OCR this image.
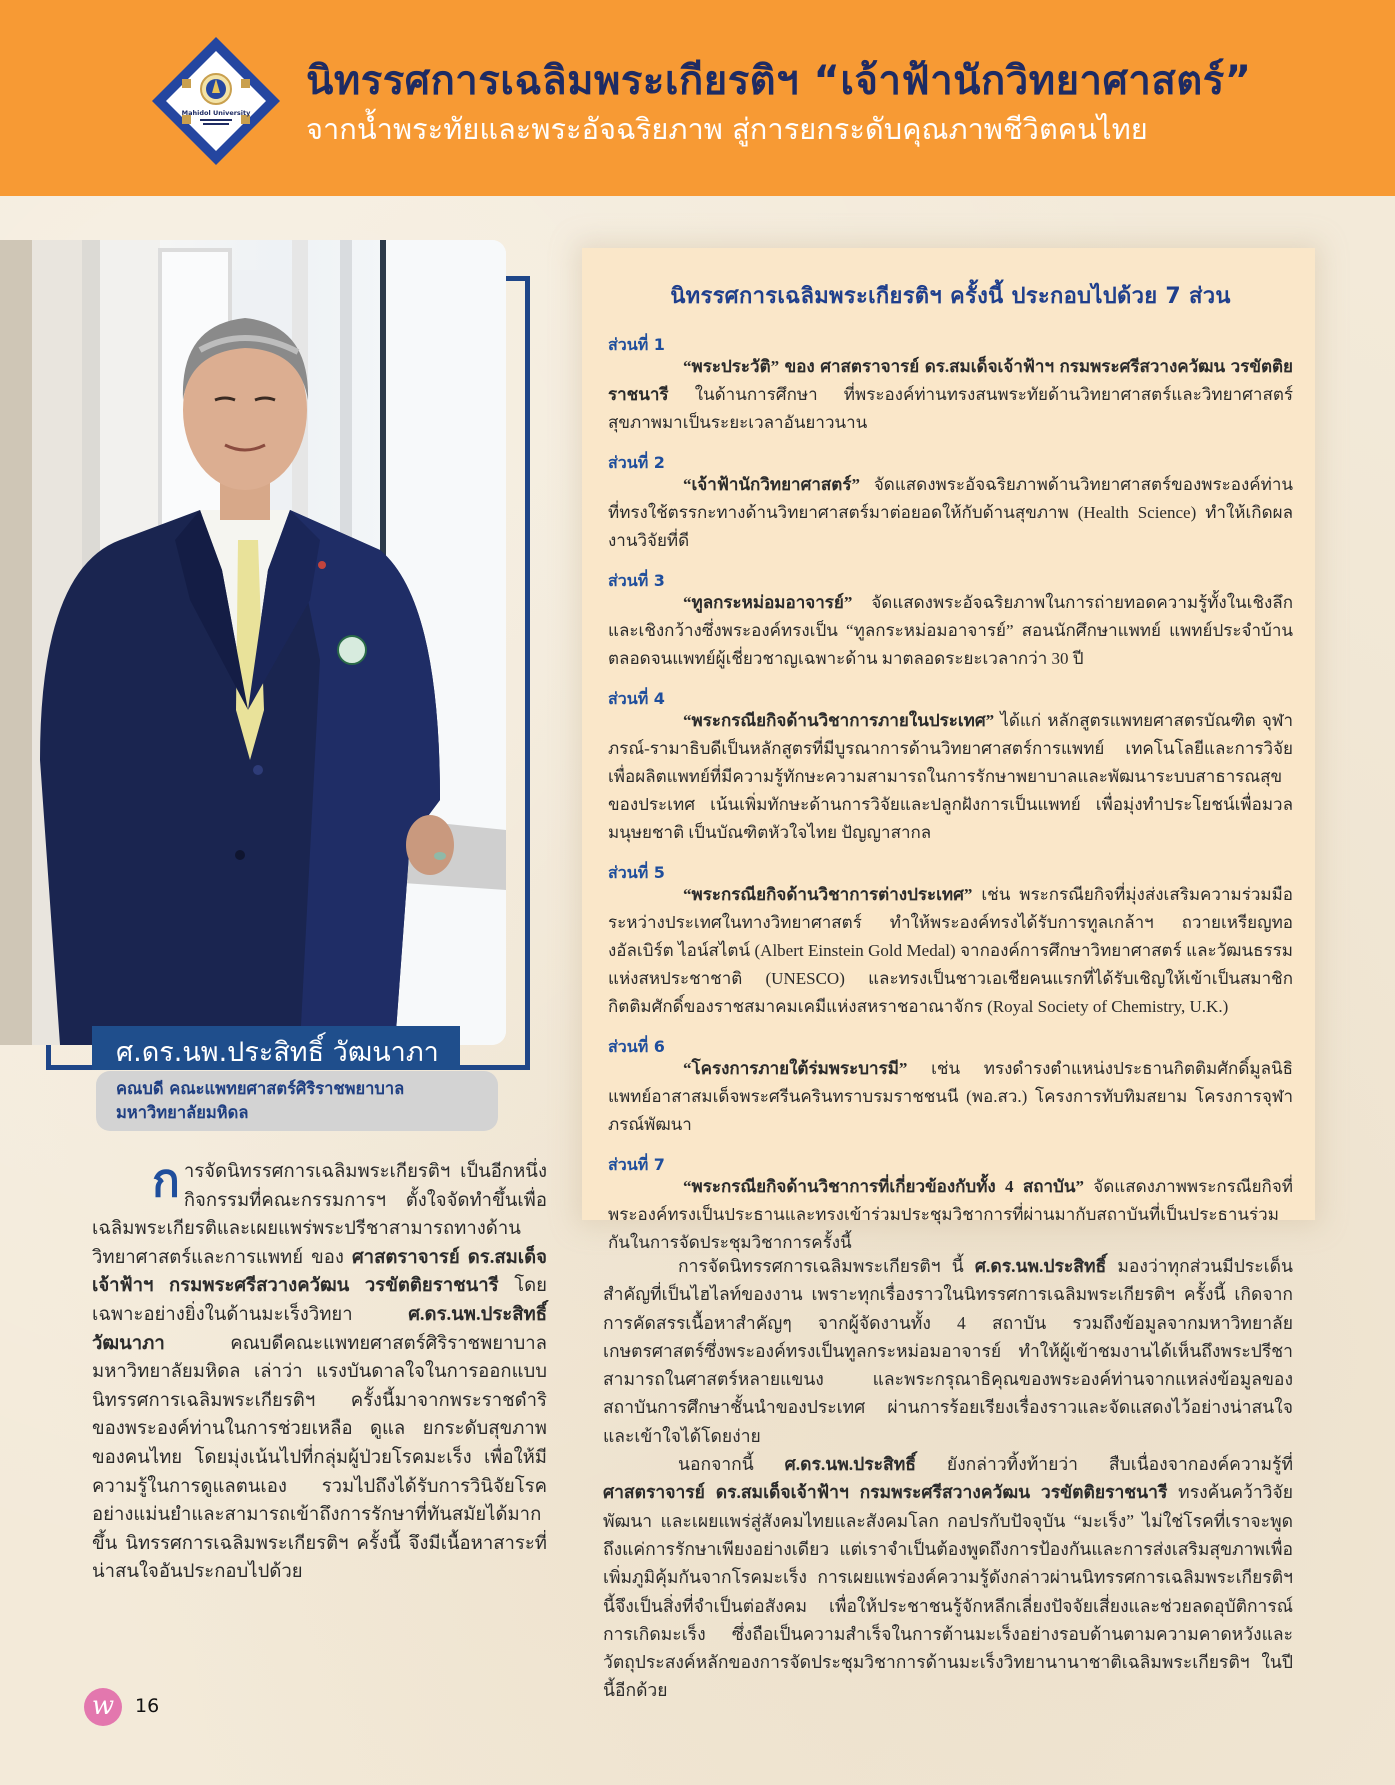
Mahidol University
นิทรรศการเฉลิมพระเกียรติฯ “เจ้าฟ้านักวิทยาศาสตร์”
จากน้ำพระทัยและพระอัจฉริยภาพ สู่การยกระดับคุณภาพชีวิตคนไทย
ศ.ดร.นพ.ประสิทธิ์ วัฒนาภา
คณบดี คณะแพทยศาสตร์ศิริราชพยาบาล
มหาวิทยาลัยมหิดล
นิทรรศการเฉลิมพระเกียรติฯ ครั้งนี้ ประกอบไปด้วย 7 ส่วน
ส่วนที่ 1
“พระประวัติ” ของ ศาสตราจารย์ ดร.สมเด็จเจ้าฟ้าฯ กรมพระศรีสวางควัฒน วรขัตติยราชนารี ในด้านการศึกษา ที่พระองค์ท่านทรงสนพระทัยด้านวิทยาศาสตร์และวิทยาศาสตร์สุขภาพมาเป็นระยะเวลาอันยาวนาน
ส่วนที่ 2
“เจ้าฟ้านักวิทยาศาสตร์” จัดแสดงพระอัจฉริยภาพด้านวิทยาศาสตร์ของพระองค์ท่านที่ทรงใช้ตรรกะทางด้านวิทยาศาสตร์มาต่อยอดให้กับด้านสุขภาพ (Health Science) ทำให้เกิดผลงานวิจัยที่ดี
ส่วนที่ 3
“ทูลกระหม่อมอาจารย์” จัดแสดงพระอัจฉริยภาพในการถ่ายทอดความรู้ทั้งในเชิงลึกและเชิงกว้างซึ่งพระองค์ทรงเป็น “ทูลกระหม่อมอาจารย์” สอนนักศึกษาแพทย์ แพทย์ประจำบ้านตลอดจนแพทย์ผู้เชี่ยวชาญเฉพาะด้าน มาตลอดระยะเวลากว่า 30 ปี
ส่วนที่ 4
“พระกรณียกิจด้านวิชาการภายในประเทศ” ได้แก่ หลักสูตรแพทยศาสตรบัณฑิต จุฬาภรณ์-รามาธิบดีเป็นหลักสูตรที่มีบูรณาการด้านวิทยาศาสตร์การแพทย์ เทคโนโลยีและการวิจัยเพื่อผลิตแพทย์ที่มีความรู้ทักษะความสามารถในการรักษาพยาบาลและพัฒนาระบบสาธารณสุขของประเทศ เน้นเพิ่มทักษะด้านการวิจัยและปลูกฝังการเป็นแพทย์ เพื่อมุ่งทำประโยชน์เพื่อมวลมนุษยชาติ เป็นบัณฑิตหัวใจไทย ปัญญาสากล
ส่วนที่ 5
“พระกรณียกิจด้านวิชาการต่างประเทศ” เช่น พระกรณียกิจที่มุ่งส่งเสริมความร่วมมือระหว่างประเทศในทางวิทยาศาสตร์ ทำให้พระองค์ทรงได้รับการทูลเกล้าฯ ถวายเหรียญทองอัลเบิร์ต ไอน์สไตน์ (Albert Einstein Gold Medal) จากองค์การศึกษาวิทยาศาสตร์ และวัฒนธรรมแห่งสหประชาชาติ (UNESCO) และทรงเป็นชาวเอเชียคนแรกที่ได้รับเชิญให้เข้าเป็นสมาชิกกิตติมศักดิ์ของราชสมาคมเคมีแห่งสหราชอาณาจักร (Royal Society of Chemistry, U.K.)
ส่วนที่ 6
“โครงการภายใต้ร่มพระบารมี” เช่น ทรงดำรงตำแหน่งประธานกิตติมศักดิ์มูลนิธิแพทย์อาสาสมเด็จพระศรีนครินทราบรมราชชนนี (พอ.สว.) โครงการทับทิมสยาม โครงการจุฬาภรณ์พัฒนา
ส่วนที่ 7
“พระกรณียกิจด้านวิชาการที่เกี่ยวข้องกับทั้ง 4 สถาบัน” จัดแสดงภาพพระกรณียกิจที่พระองค์ทรงเป็นประธานและทรงเข้าร่วมประชุมวิชาการที่ผ่านมากับสถาบันที่เป็นประธานร่วมกันในการจัดประชุมวิชาการครั้งนี้
ก ารจัดนิทรรศการเฉลิมพระเกียรติฯ เป็นอีกหนึ่งกิจกรรมที่คณะกรรมการฯ ตั้งใจจัดทำขึ้นเพื่อเฉลิมพระเกียรติและเผยแพร่พระปรีชาสามารถทางด้านวิทยาศาสตร์และการแพทย์ ของ ศาสตราจารย์ ดร.สมเด็จเจ้าฟ้าฯ กรมพระศรีสวางควัฒน วรขัตติยราชนารี โดยเฉพาะอย่างยิ่งในด้านมะเร็งวิทยา ศ.ดร.นพ.ประสิทธิ์ วัฒนาภา คณบดีคณะแพทยศาสตร์ศิริราชพยาบาล มหาวิทยาลัยมหิดล เล่าว่า แรงบันดาลใจในการออกแบบนิทรรศการเฉลิมพระเกียรติฯ ครั้งนี้มาจากพระราชดำริของพระองค์ท่านในการช่วยเหลือ ดูแล ยกระดับสุขภาพของคนไทย โดยมุ่งเน้นไปที่กลุ่มผู้ป่วยโรคมะเร็ง เพื่อให้มีความรู้ในการดูแลตนเอง รวมไปถึงได้รับการวินิจัยโรคอย่างแม่นยำและสามารถเข้าถึงการรักษาที่ทันสมัยได้มากขึ้น นิทรรศการเฉลิมพระเกียรติฯ ครั้งนี้ จึงมีเนื้อหาสาระที่น่าสนใจอันประกอบไปด้วย

การจัดนิทรรศการเฉลิมพระเกียรติฯ นี้ ศ.ดร.นพ.ประสิทธิ์ มองว่าทุกส่วนมีประเด็นสำคัญที่เป็นไฮไลท์ของงาน เพราะทุกเรื่องราวในนิทรรศการเฉลิมพระเกียรติฯ ครั้งนี้ เกิดจากการคัดสรรเนื้อหาสำคัญๆ จากผู้จัดงานทั้ง 4 สถาบัน รวมถึงข้อมูลจากมหาวิทยาลัยเกษตรศาสตร์ซึ่งพระองค์ทรงเป็นทูลกระหม่อมอาจารย์ ทำให้ผู้เข้าชมงานได้เห็นถึงพระปรีชาสามารถในศาสตร์หลายแขนง และพระกรุณาธิคุณของพระองค์ท่านจากแหล่งข้อมูลของสถาบันการศึกษาชั้นนำของประเทศ ผ่านการร้อยเรียงเรื่องราวและจัดแสดงไว้อย่างน่าสนใจและเข้าใจได้โดยง่าย

นอกจากนี้ ศ.ดร.นพ.ประสิทธิ์ ยังกล่าวทิ้งท้ายว่า สืบเนื่องจากองค์ความรู้ที่ ศาสตราจารย์ ดร.สมเด็จเจ้าฟ้าฯ กรมพระศรีสวางควัฒน วรขัตติยราชนารี ทรงค้นคว้าวิจัยพัฒนา และเผยแพร่สู่สังคมไทยและสังคมโลก กอปรกับปัจจุบัน “มะเร็ง” ไม่ใช่โรคที่เราจะพูดถึงแค่การรักษาเพียงอย่างเดียว แต่เราจำเป็นต้องพูดถึงการป้องกันและการส่งเสริมสุขภาพเพื่อเพิ่มภูมิคุ้มกันจากโรคมะเร็ง การเผยแพร่องค์ความรู้ดังกล่าวผ่านนิทรรศการเฉลิมพระเกียรติฯ นี้จึงเป็นสิ่งที่จำเป็นต่อสังคม เพื่อให้ประชาชนรู้จักหลีกเลี่ยงปัจจัยเสี่ยงและช่วยลดอุบัติการณ์การเกิดมะเร็ง ซึ่งถือเป็นความสำเร็จในการต้านมะเร็งอย่างรอบด้านตามความคาดหวังและวัตถุประสงค์หลักของการจัดประชุมวิชาการด้านมะเร็งวิทยานานาชาติเฉลิมพระเกียรติฯ ในปีนี้อีกด้วย

w	16
